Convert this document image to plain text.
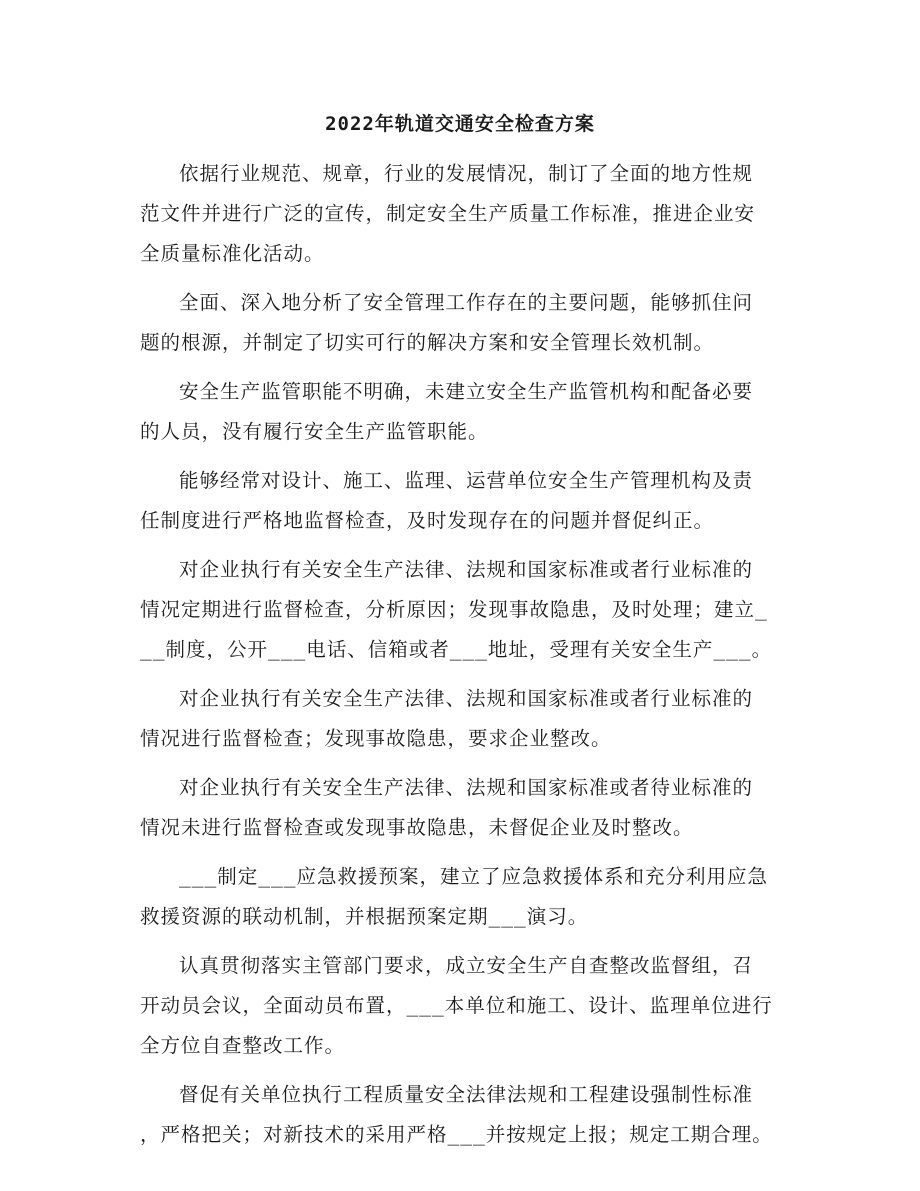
2022年轨道交通安全检查方案

依据行业规范、规章，行业的发展情况，制订了全面的地方性规
范文件并进行广泛的宣传，制定安全生产质量工作标准，推进企业安
全质量标准化活动。

全面、深入地分析了安全管理工作存在的主要问题，能够抓住问
题的根源，并制定了切实可行的解决方案和安全管理长效机制。

安全生产监管职能不明确，未建立安全生产监管机构和配备必要
的人员，没有履行安全生产监管职能。

能够经常对设计、施工、监理、运营单位安全生产管理机构及责
任制度进行严格地监督检查，及时发现存在的问题并督促纠正。

对企业执行有关安全生产法律、法规和国家标准或者行业标准的
情况定期进行监督检查，分析原因；发现事故隐患，及时处理；建立_
__制度，公开___电话、信箱或者___地址，受理有关安全生产___。

对企业执行有关安全生产法律、法规和国家标准或者行业标准的
情况进行监督检查；发现事故隐患，要求企业整改。

对企业执行有关安全生产法律、法规和国家标准或者待业标准的
情况未进行监督检查或发现事故隐患，未督促企业及时整改。

___制定___应急救援预案，建立了应急救援体系和充分利用应急
救援资源的联动机制，并根据预案定期___演习。

认真贯彻落实主管部门要求，成立安全生产自查整改监督组，召
开动员会议，全面动员布置，___本单位和施工、设计、监理单位进行
全方位自查整改工作。

督促有关单位执行工程质量安全法律法规和工程建设强制性标准
，严格把关；对新技术的采用严格___并按规定上报；规定工期合理。
